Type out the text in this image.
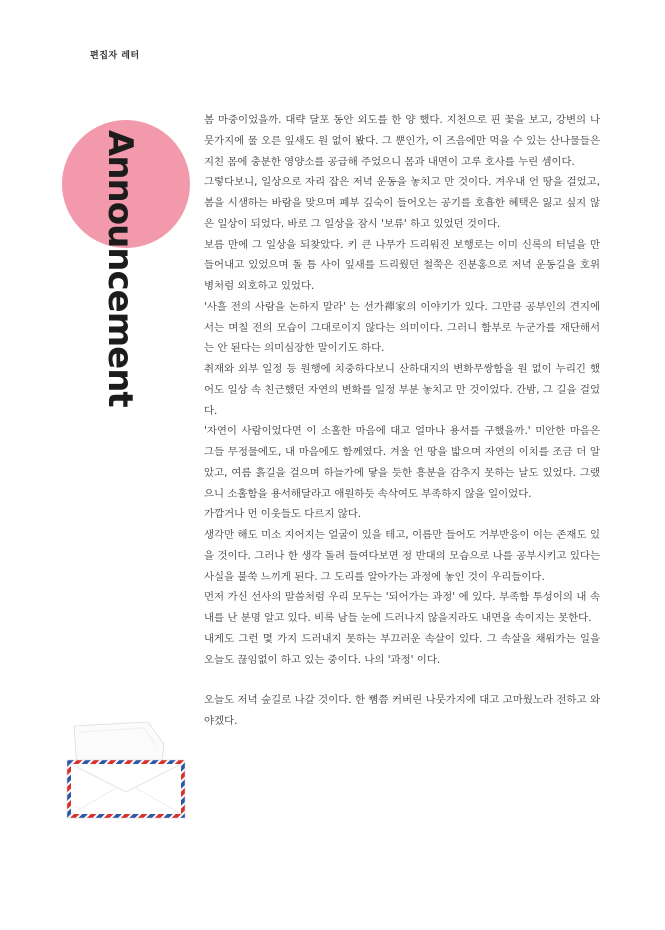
편집자 레터
Announcement

봄 마중이었을까. 대략 달포 동안 외도를 한 양 했다. 지천으로 핀 꽃을 보고, 강변의 나뭇가지에 물 오른 잎새도 원 없이 봤다. 그 뿐인가, 이 즈음에만 먹을 수 있는 산나물들은 지친 몸에 충분한 영양소를 공급해 주었으니 몸과 내면이 고루 호사를 누린 셈이다.

그렇다보니, 일상으로 자리 잡은 저녁 운동을 놓치고 만 것이다. 겨우내 언 땅을 걸었고, 봄을 시샘하는 바람을 맞으며 폐부 깊숙이 들어오는 공기를 호흡한 혜택은 잃고 싶지 않은 일상이 되었다. 바로 그 일상을 잠시 '보류' 하고 있었던 것이다.

보름 만에 그 일상을 되찾았다. 키 큰 나무가 드리워진 보행로는 이미 신록의 터널을 만들어내고 있었으며 돌 틈 사이 잎새를 드리웠던 철쭉은 진분홍으로 저녁 운동길을 호위병처럼 외호하고 있었다.

'사흘 전의 사람을 논하지 말라' 는 선가禪家의 이야기가 있다. 그만큼 공부인의 견지에서는 며칠 전의 모습이 그대로이지 않다는 의미이다. 그러니 함부로 누군가를 재단해서는 안 된다는 의미심장한 말이기도 하다.

취재와 외부 일정 등 원행에 치중하다보니 산하대지의 변화무쌍함을 원 없이 누리긴 했어도 일상 속 친근했던 자연의 변화를 일정 부분 놓치고 만 것이었다. 간밤, 그 길을 걸었다.

'자연이 사람이었다면 이 소홀한 마음에 대고 얼마나 용서를 구했을까.' 미안한 마음은 그들 무정물에도, 내 마음에도 함께였다. 겨울 언 땅을 밟으며 자연의 이치를 조금 더 알았고, 여름 흙길을 걸으며 하늘가에 닿을 듯한 흥분을 감추지 못하는 날도 있었다. 그랬으니 소홀함을 용서해달라고 애원하듯 속삭여도 부족하지 않을 일이었다.

가깝거나 먼 이웃들도 다르지 않다.

생각만 해도 미소 지어지는 얼굴이 있을 테고, 이름만 들어도 거부반응이 이는 존재도 있을 것이다. 그러나 한 생각 돌려 들여다보면 정 반대의 모습으로 나를 공부시키고 있다는 사실을 불쑥 느끼게 된다. 그 도리를 알아가는 과정에 놓인 것이 우리들이다.

먼저 가신 선사의 말씀처럼 우리 모두는 '되어가는 과정' 에 있다. 부족함 투성이의 내 속내를 난 분명 알고 있다. 비록 남들 눈에 드러나지 않을지라도 내면을 속이지는 못한다.

내게도 그런 몇 가지 드러내지 못하는 부끄러운 속살이 있다. 그 속살을 채워가는 일을 오늘도 끊임없이 하고 있는 중이다. 나의 '과정' 이다.

오늘도 저녁 숲길로 나갈 것이다. 한 뼘쯤 커버린 나뭇가지에 대고 고마웠노라 전하고 와야겠다.
